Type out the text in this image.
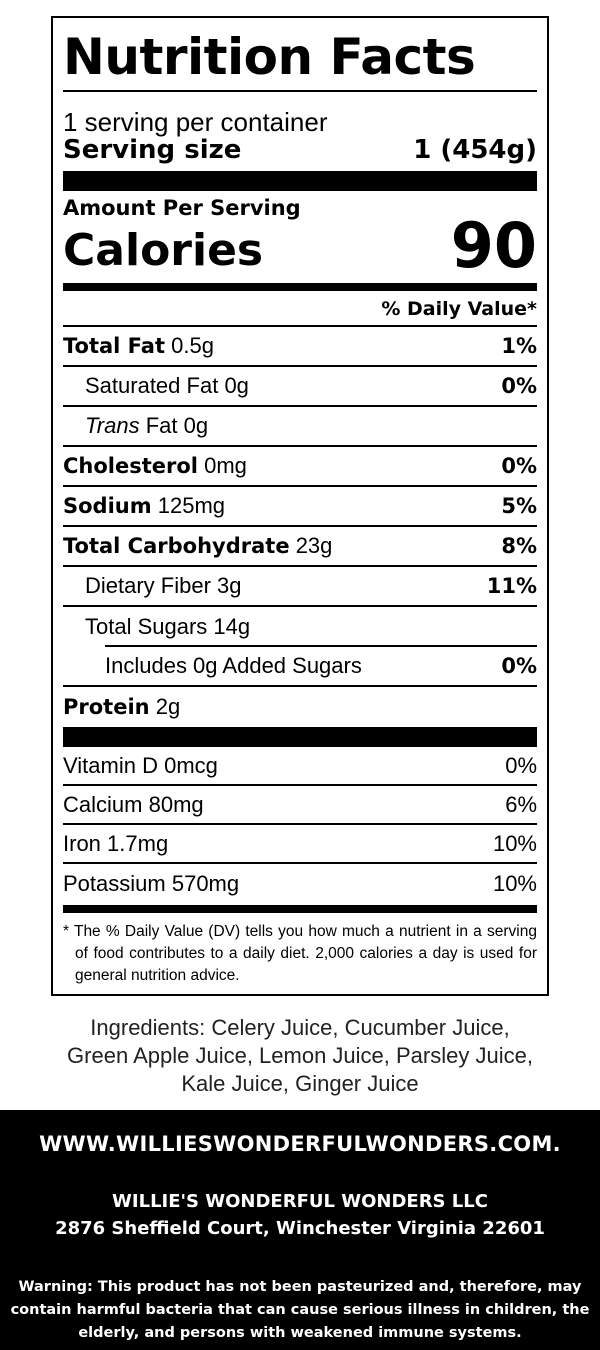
Nutrition Facts
1 serving per container
Serving size	1 (454g)
Amount Per Serving
Calories	90
% Daily Value*
Total Fat 0.5g	1%
Saturated Fat 0g	0%
Trans Fat 0g
Cholesterol 0mg	0%
Sodium 125mg	5%
Total Carbohydrate 23g	8%
Dietary Fiber 3g	11%
Total Sugars 14g
Includes 0g Added Sugars	0%
Protein 2g
Vitamin D 0mcg	0%
Calcium 80mg	6%
Iron 1.7mg	10%
Potassium 570mg	10%
* The % Daily Value (DV) tells you how much a nutrient in a serving of food contributes to a daily diet. 2,000 calories a day is used for general nutrition advice.
Ingredients: Celery Juice, Cucumber Juice, Green Apple Juice, Lemon Juice, Parsley Juice, Kale Juice, Ginger Juice
WWW.WILLIESWONDERFULWONDERS.COM.
WILLIE'S WONDERFUL WONDERS LLC
2876 Sheffield Court, Winchester Virginia 22601
Warning: This product has not been pasteurized and, therefore, may contain harmful bacteria that can cause serious illness in children, the elderly, and persons with weakened immune systems.
